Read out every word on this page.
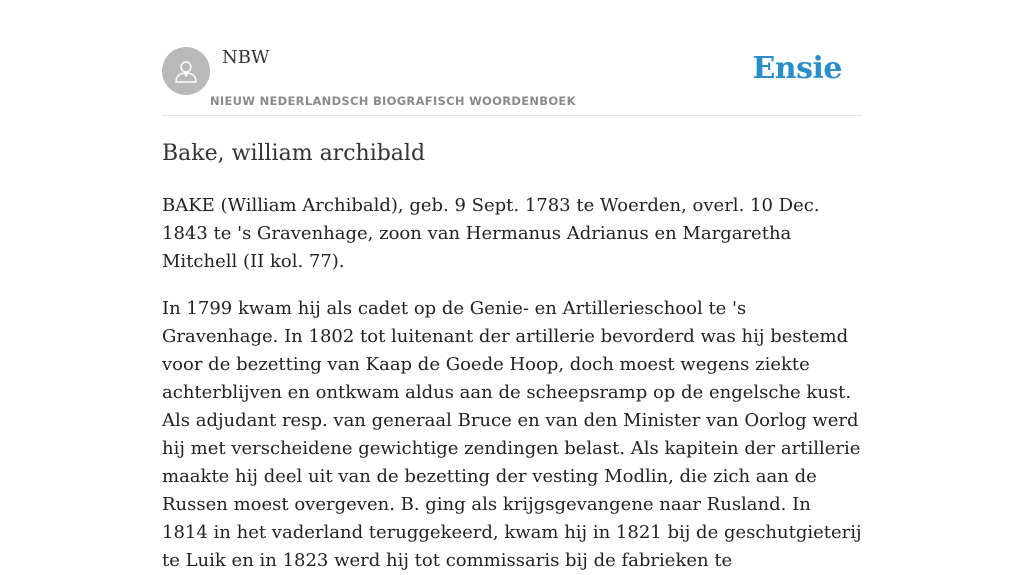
NBW
NIEUW NEDERLANDSCH BIOGRAFISCH WOORDENBOEK
Ensie
Bake, william archibald

BAKE (William Archibald), geb. 9 Sept. 1783 te Woerden, overl. 10 Dec. 1843 te 's Gravenhage, zoon van Hermanus Adrianus en Margaretha Mitchell (II kol. 77).

In 1799 kwam hij als cadet op de Genie- en Artillerieschool te 's Gravenhage. In 1802 tot luitenant der artillerie bevorderd was hij bestemd voor de bezetting van Kaap de Goede Hoop, doch moest wegens ziekte achterblijven en ontkwam aldus aan de scheepsramp op de engelsche kust. Als adjudant resp. van generaal Bruce en van den Minister van Oorlog werd hij met verscheidene gewichtige zendingen belast. Als kapitein der artillerie maakte hij deel uit van de bezetting der vesting Modlin, die zich aan de Russen moest overgeven. B. ging als krijgsgevangene naar Rusland. In 1814 in het vaderland teruggekeerd, kwam hij in 1821 bij de geschutgieterij te Luik en in 1823 werd hij tot commissaris bij de fabrieken te
